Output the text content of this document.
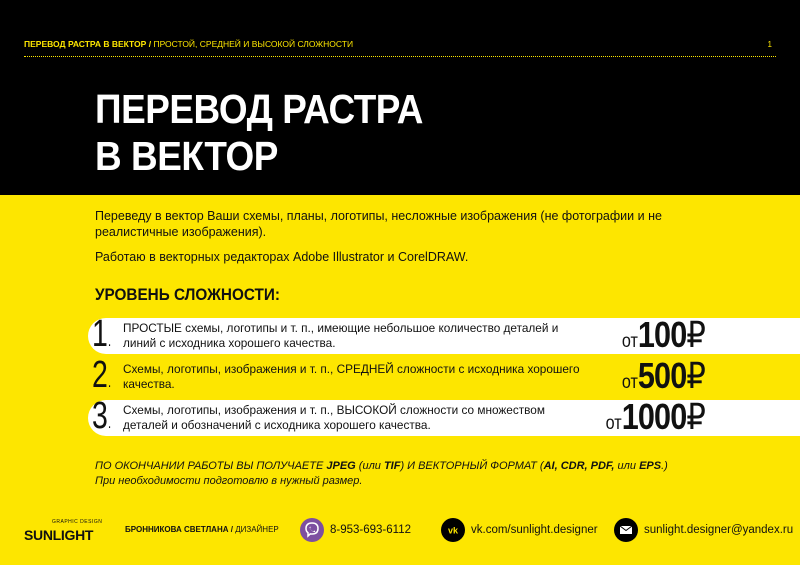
ПЕРЕВОД РАСТРА В ВЕКТОР / ПРОСТОЙ, СРЕДНЕЙ И ВЫСОКОЙ СЛОЖНОСТИ	1
ПЕРЕВОД РАСТРА
В ВЕКТОР
Переведу в вектор Ваши схемы, планы, логотипы, несложные изображения (не фотографии и не реалистичные изображения).
Работаю в векторных редакторах Adobe Illustrator и CorelDRAW.
УРОВЕНЬ СЛОЖНОСТИ:
1.
ПРОСТЫЕ схемы, логотипы и т. п., имеющие небольшое количество деталей и линий с исходника хорошего качества.	от100₽
2.
Схемы, логотипы, изображения и т. п., СРЕДНЕЙ сложности с исходника хорошего качества.	от500₽
3.
Схемы, логотипы, изображения и т. п., ВЫСОКОЙ сложности со множеством деталей и обозначений с исходника хорошего качества.	от1000₽
ПО ОКОНЧАНИИ РАБОТЫ ВЫ ПОЛУЧАЕТЕ JPEG (или TIF) И ВЕКТОРНЫЙ ФОРМАТ (AI, CDR, PDF, или EPS.)
При необходимости подготовлю в нужный размер.
GRAPHIC DESIGN
SUNLIGHT	БРОННИКОВА СВЕТЛАНА / ДИЗАЙНЕР	8-953-693-6112	vk vk.com/sunlight.designer	sunlight.designer@yandex.ru
